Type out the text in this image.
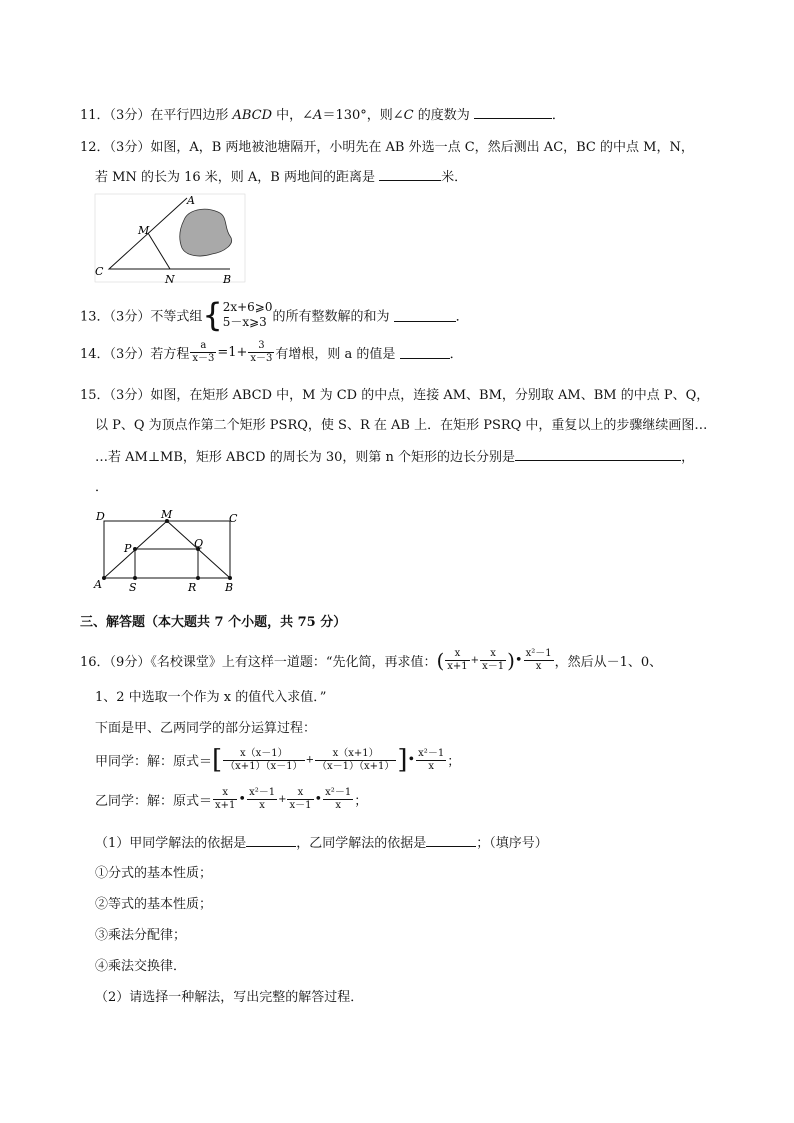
11．（3分）在平行四边形 ABCD 中，∠A＝130°，则∠C 的度数为	．
12．（3分）如图，A，B 两地被池塘隔开，小明先在 AB 外选一点 C，然后测出 AC，BC 的中点 M，N，
若 MN 的长为 16 米，则 A，B 两地间的距离是	米．
A
M
C
N	B
13．（3分）不等式组{ 2x+6⩾0
5－x⩾3 的所有整数解的和为	．
14．（3分）若方程 $\frac{a}{x-3} =1+ \frac{3}{x-3}$ 有增根，则 a 的值是	．
15．（3分）如图，在矩形 ABCD 中，M 为 CD 的中点，连接 AM、BM，分别取 AM、BM 的中点 P、Q，
以 P、Q 为顶点作第二个矩形 PSRQ，使 S、R 在 AB 上．在矩形 PSRQ 中，重复以上的步骤继续画图…
…若 AM⊥MB，矩形 ABCD 的周长为 30，则第 n 个矩形的边长分别是	，
．
D	M	C
P	Q
A S	R	B
三、解答题（本大题共 7 个小题，共 75 分）
16．（9分）《名校课堂》上有这样一道题：“先化简，再求值：( $\frac{x}{x+1} + \frac{x}{x-1}$ )• $\frac{\text{x²－1}}{x}$ ，然后从－1、0、
1、2 中选取一个作为 x 的值代入求值．”
下面是甲、乙两同学的部分运算过程：
甲同学：解：原式＝[ $\frac{x(x-1)}{(x+1)(x-1)} + \frac{x(x+1)}{(x-1)(x+1)}$ ]• $\frac{\text{x²－1}}{x}$ ；
乙同学：解：原式＝ $\frac{x}{x+1}$ • $\frac{\text{x²－1}}{x} + \frac{x}{x-1}$ • $\frac{\text{x²－1}}{x}$ ；
（1）甲同学解法的依据是	，乙同学解法的依据是	；（填序号）
①分式的基本性质；
②等式的基本性质；
③乘法分配律；
④乘法交换律．
（2）请选择一种解法，写出完整的解答过程．
